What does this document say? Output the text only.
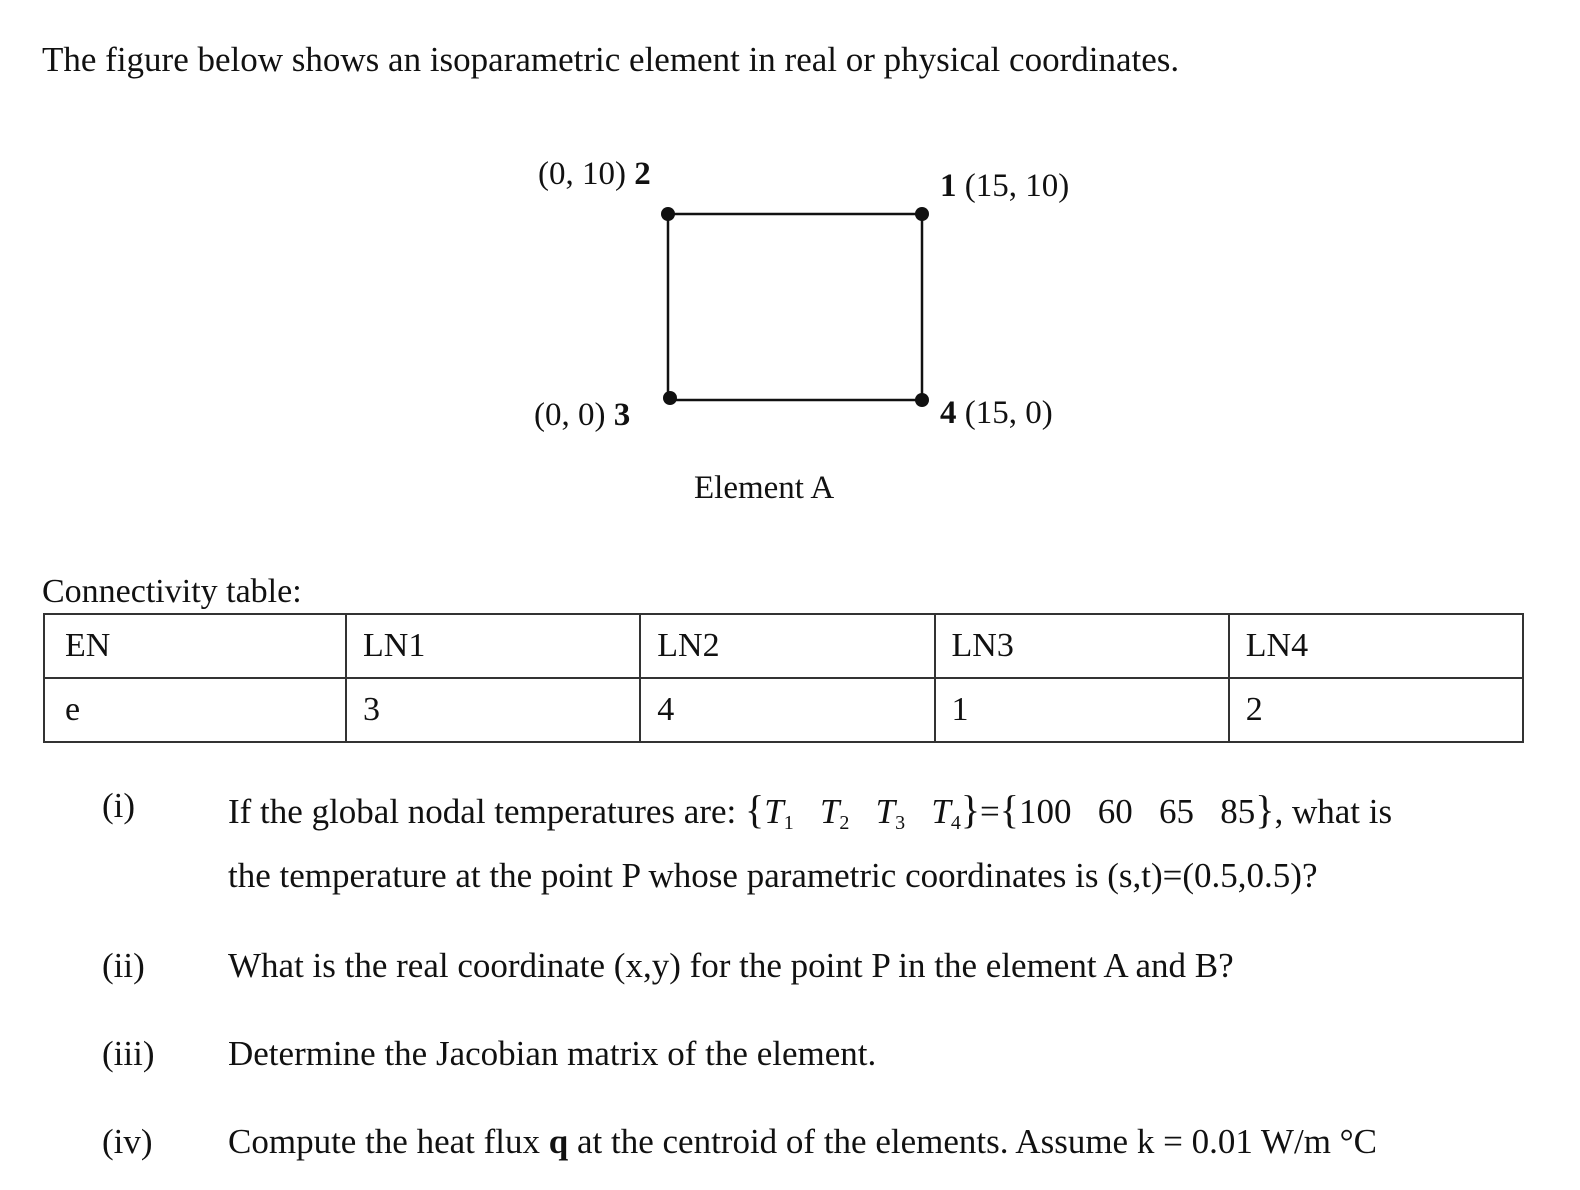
The figure below shows an isoparametric element in real or physical coordinates.
(0, 10) 2	1 (15, 10)
(0, 0) 3	4 (15, 0)
Element A
Connectivity table:
EN	LN1	LN2	LN3	LN4
e	3	4	1	2
(i)	If the global nodal temperatures are: {$T_1$ $T_2$ $T_3$ $T_4\}=\{100$ 60 65 85}, what is
the temperature at the point P whose parametric coordinates is (s,t)=(0.5,0.5)?
(ii) What is the real coordinate (x,y) for the point P in the element A and B?
(iii) Determine the Jacobian matrix of the element.
(iv) Compute the heat flux q at the centroid of the elements. Assume k = 0.01 W/m °C
